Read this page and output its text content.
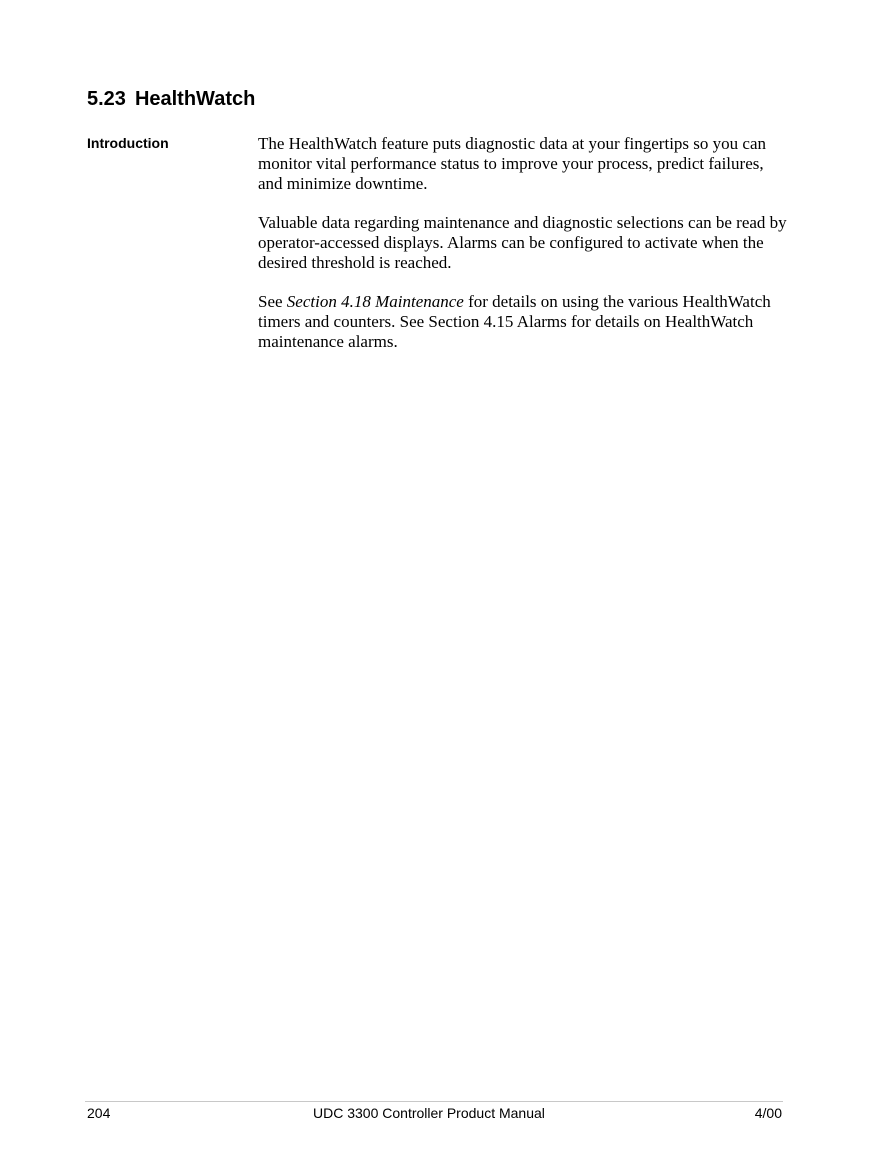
5.23 HealthWatch
Introduction	The HealthWatch feature puts diagnostic data at your fingertips so you can monitor vital performance status to improve your process, predict failures, and minimize downtime.

Valuable data regarding maintenance and diagnostic selections can be read by operator-accessed displays. Alarms can be configured to activate when the desired threshold is reached.

See Section 4.18 Maintenance for details on using the various HealthWatch timers and counters. See Section 4.15 Alarms for details on HealthWatch maintenance alarms.

204	UDC 3300 Controller Product Manual	4/00
